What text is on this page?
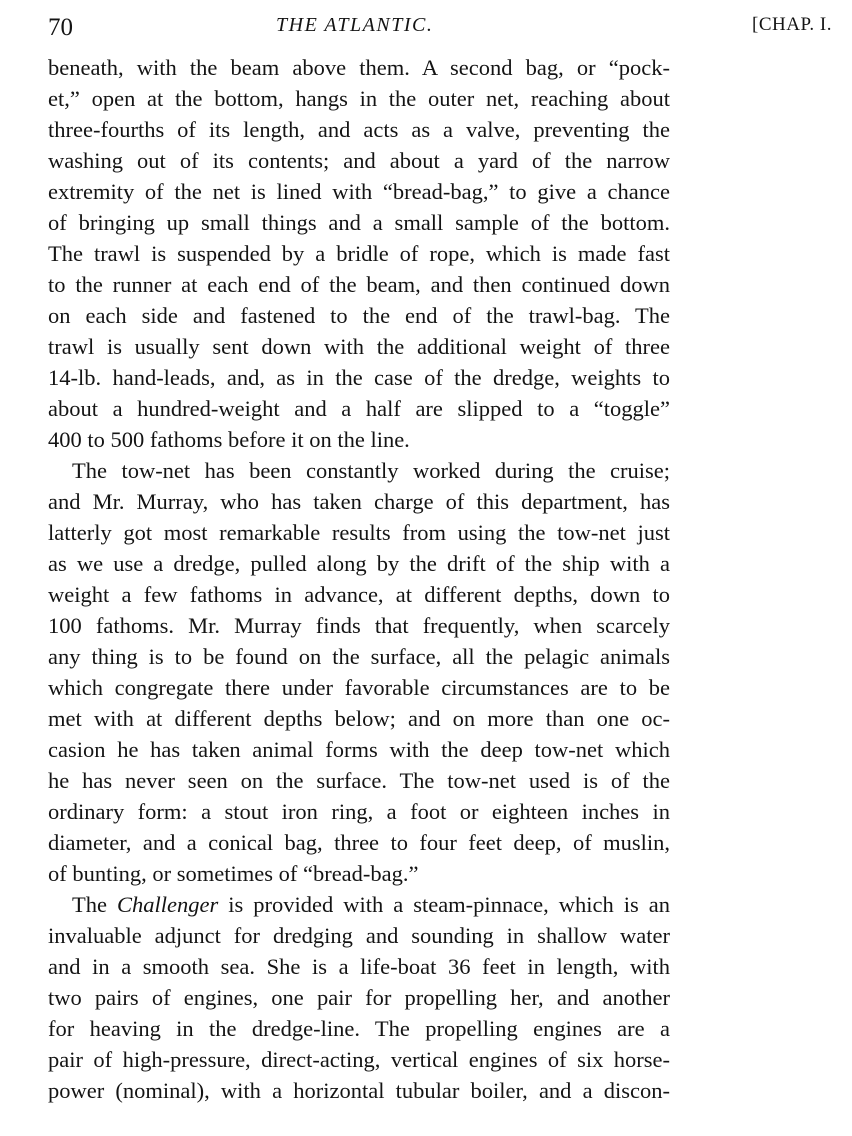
70	THE ATLANTIC.	[CHAP. I.
beneath, with the beam above them. A second bag, or “pock-
et,” open at the bottom, hangs in the outer net, reaching about
three-fourths of its length, and acts as a valve, preventing the
washing out of its contents; and about a yard of the narrow
extremity of the net is lined with “bread-bag,” to give a chance
of bringing up small things and a small sample of the bottom.
The trawl is suspended by a bridle of rope, which is made fast
to the runner at each end of the beam, and then continued down
on each side and fastened to the end of the trawl-bag. The
trawl is usually sent down with the additional weight of three
14-lb. hand-leads, and, as in the case of the dredge, weights to
about a hundred-weight and a half are slipped to a “toggle”
400 to 500 fathoms before it on the line.
The tow-net has been constantly worked during the cruise;
and Mr. Murray, who has taken charge of this department, has
latterly got most remarkable results from using the tow-net just
as we use a dredge, pulled along by the drift of the ship with a
weight a few fathoms in advance, at different depths, down to
100 fathoms. Mr. Murray finds that frequently, when scarcely
any thing is to be found on the surface, all the pelagic animals
which congregate there under favorable circumstances are to be
met with at different depths below; and on more than one oc-
casion he has taken animal forms with the deep tow-net which
he has never seen on the surface. The tow-net used is of the
ordinary form: a stout iron ring, a foot or eighteen inches in
diameter, and a conical bag, three to four feet deep, of muslin,
of bunting, or sometimes of “bread-bag.”
The Challenger is provided with a steam-pinnace, which is an
invaluable adjunct for dredging and sounding in shallow water
and in a smooth sea. She is a life-boat 36 feet in length, with
two pairs of engines, one pair for propelling her, and another
for heaving in the dredge-line. The propelling engines are a
pair of high-pressure, direct-acting, vertical engines of six horse-
power (nominal), with a horizontal tubular boiler, and a discon-
